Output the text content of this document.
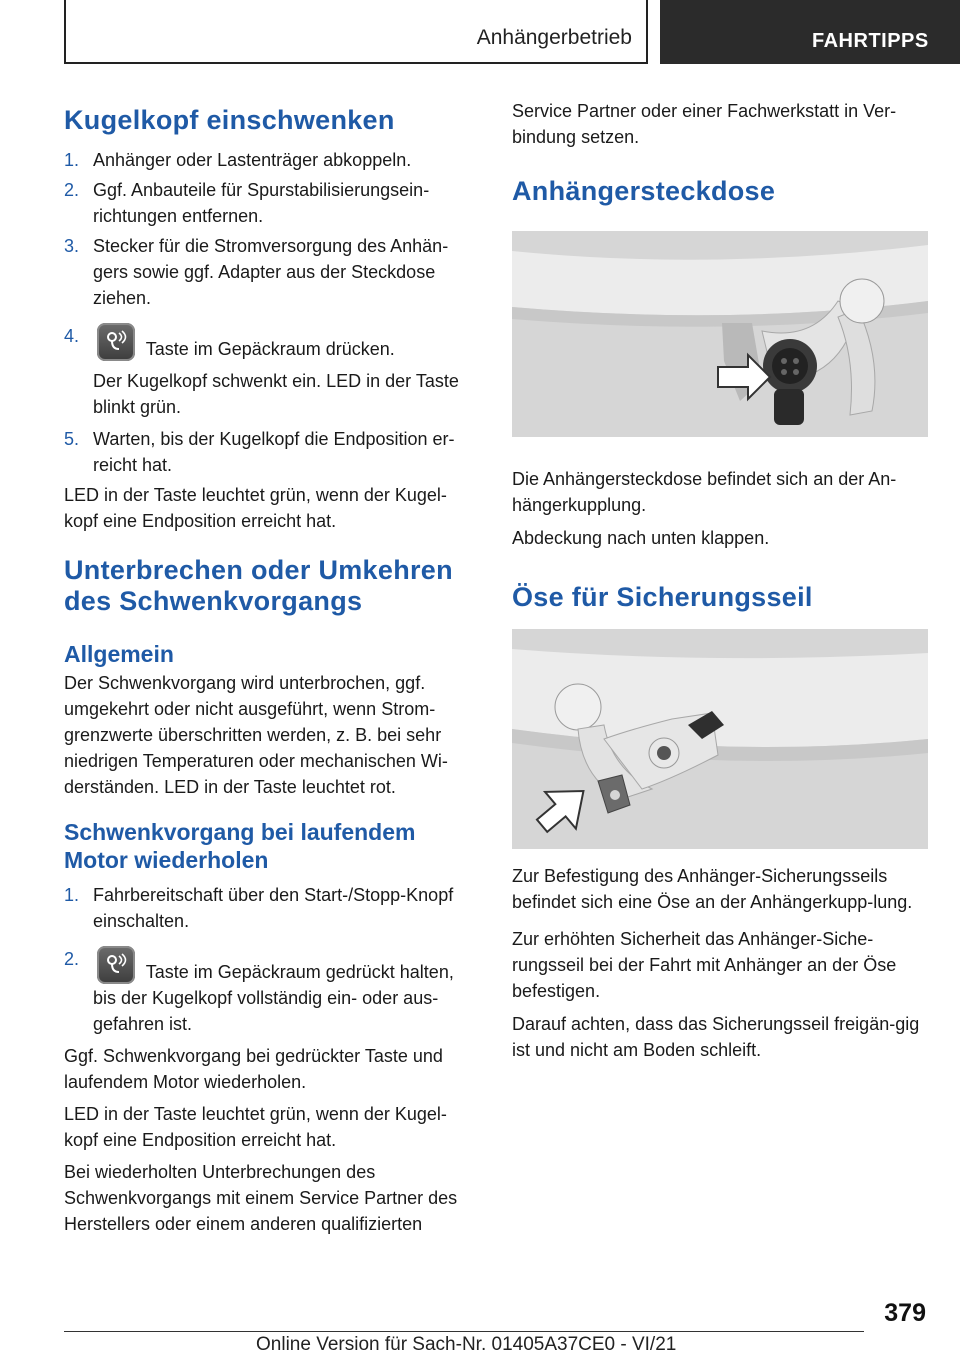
Anhängerbetrieb	FAHRTIPPS
Kugelkopf einschwenken
1. Anhänger oder Lastenträger abkoppeln.
2. Ggf. Anbauteile für Spurstabilisierungsein-richtungen entfernen.
3. Stecker für die Stromversorgung des Anhän-gers sowie ggf. Adapter aus der Steckdose ziehen.
4.
Taste im Gepäckraum drücken.
Der Kugelkopf schwenkt ein. LED in der Taste blinkt grün.
5. Warten, bis der Kugelkopf die Endposition er-reicht hat.

LED in der Taste leuchtet grün, wenn der Kugel-kopf eine Endposition erreicht hat.

Unterbrechen oder Umkehren des Schwenkvorgangs
Allgemein

Der Schwenkvorgang wird unterbrochen, ggf. umgekehrt oder nicht ausgeführt, wenn Strom-grenzwerte überschritten werden, z. B. bei sehr niedrigen Temperaturen oder mechanischen Wi-derständen. LED in der Taste leuchtet rot.

Schwenkvorgang bei laufendem Motor wiederholen
1. Fahrbereitschaft über den Start-/Stopp-Knopf einschalten.
2.
Taste im Gepäckraum gedrückt halten, bis der Kugelkopf vollständig ein- oder aus-gefahren ist.

Ggf. Schwenkvorgang bei gedrückter Taste und laufendem Motor wiederholen.

LED in der Taste leuchtet grün, wenn der Kugel-kopf eine Endposition erreicht hat.

Bei wiederholten Unterbrechungen des Schwenkvorgangs mit einem Service Partner des Herstellers oder einem anderen qualifizierten

Service Partner oder einer Fachwerkstatt in Ver-bindung setzen.

Anhängersteckdose

Die Anhängersteckdose befindet sich an der An-hängerkupplung.

Abdeckung nach unten klappen.

Öse für Sicherungsseil

Zur Befestigung des Anhänger-Sicherungsseils befindet sich eine Öse an der Anhängerkupp-lung.

Zur erhöhten Sicherheit das Anhänger-Siche-rungsseil bei der Fahrt mit Anhänger an der Öse befestigen.

Darauf achten, dass das Sicherungsseil freigän-gig ist und nicht am Boden schleift.

379
Online Version für Sach-Nr. 01405A37CE0 - VI/21
